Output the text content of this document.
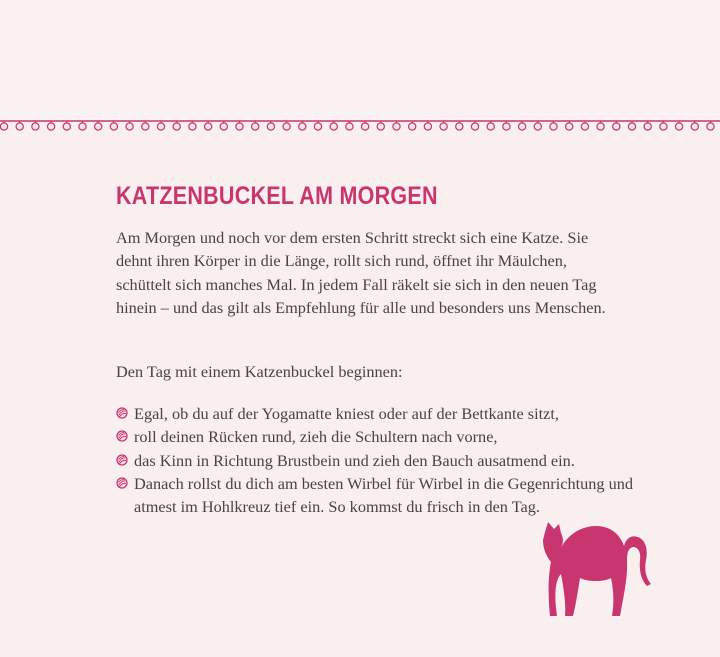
KATZENBUCKEL AM MORGEN

Am Morgen und noch vor dem ersten Schritt streckt sich eine Katze. Sie dehnt ihren Körper in die Länge, rollt sich rund, öffnet ihr Mäulchen, schüttelt sich manches Mal. In jedem Fall räkelt sie sich in den neuen Tag hinein – und das gilt als Empfehlung für alle und besonders uns Menschen.

Den Tag mit einem Katzenbuckel beginnen:

Egal, ob du auf der Yogamatte kniest oder auf der Bettkante sitzt,
roll deinen Rücken rund, zieh die Schultern nach vorne,
das Kinn in Richtung Brustbein und zieh den Bauch ausatmend ein.
Danach rollst du dich am besten Wirbel für Wirbel in die Gegenrichtung und atmest im Hohlkreuz tief ein. So kommst du frisch in den Tag.
